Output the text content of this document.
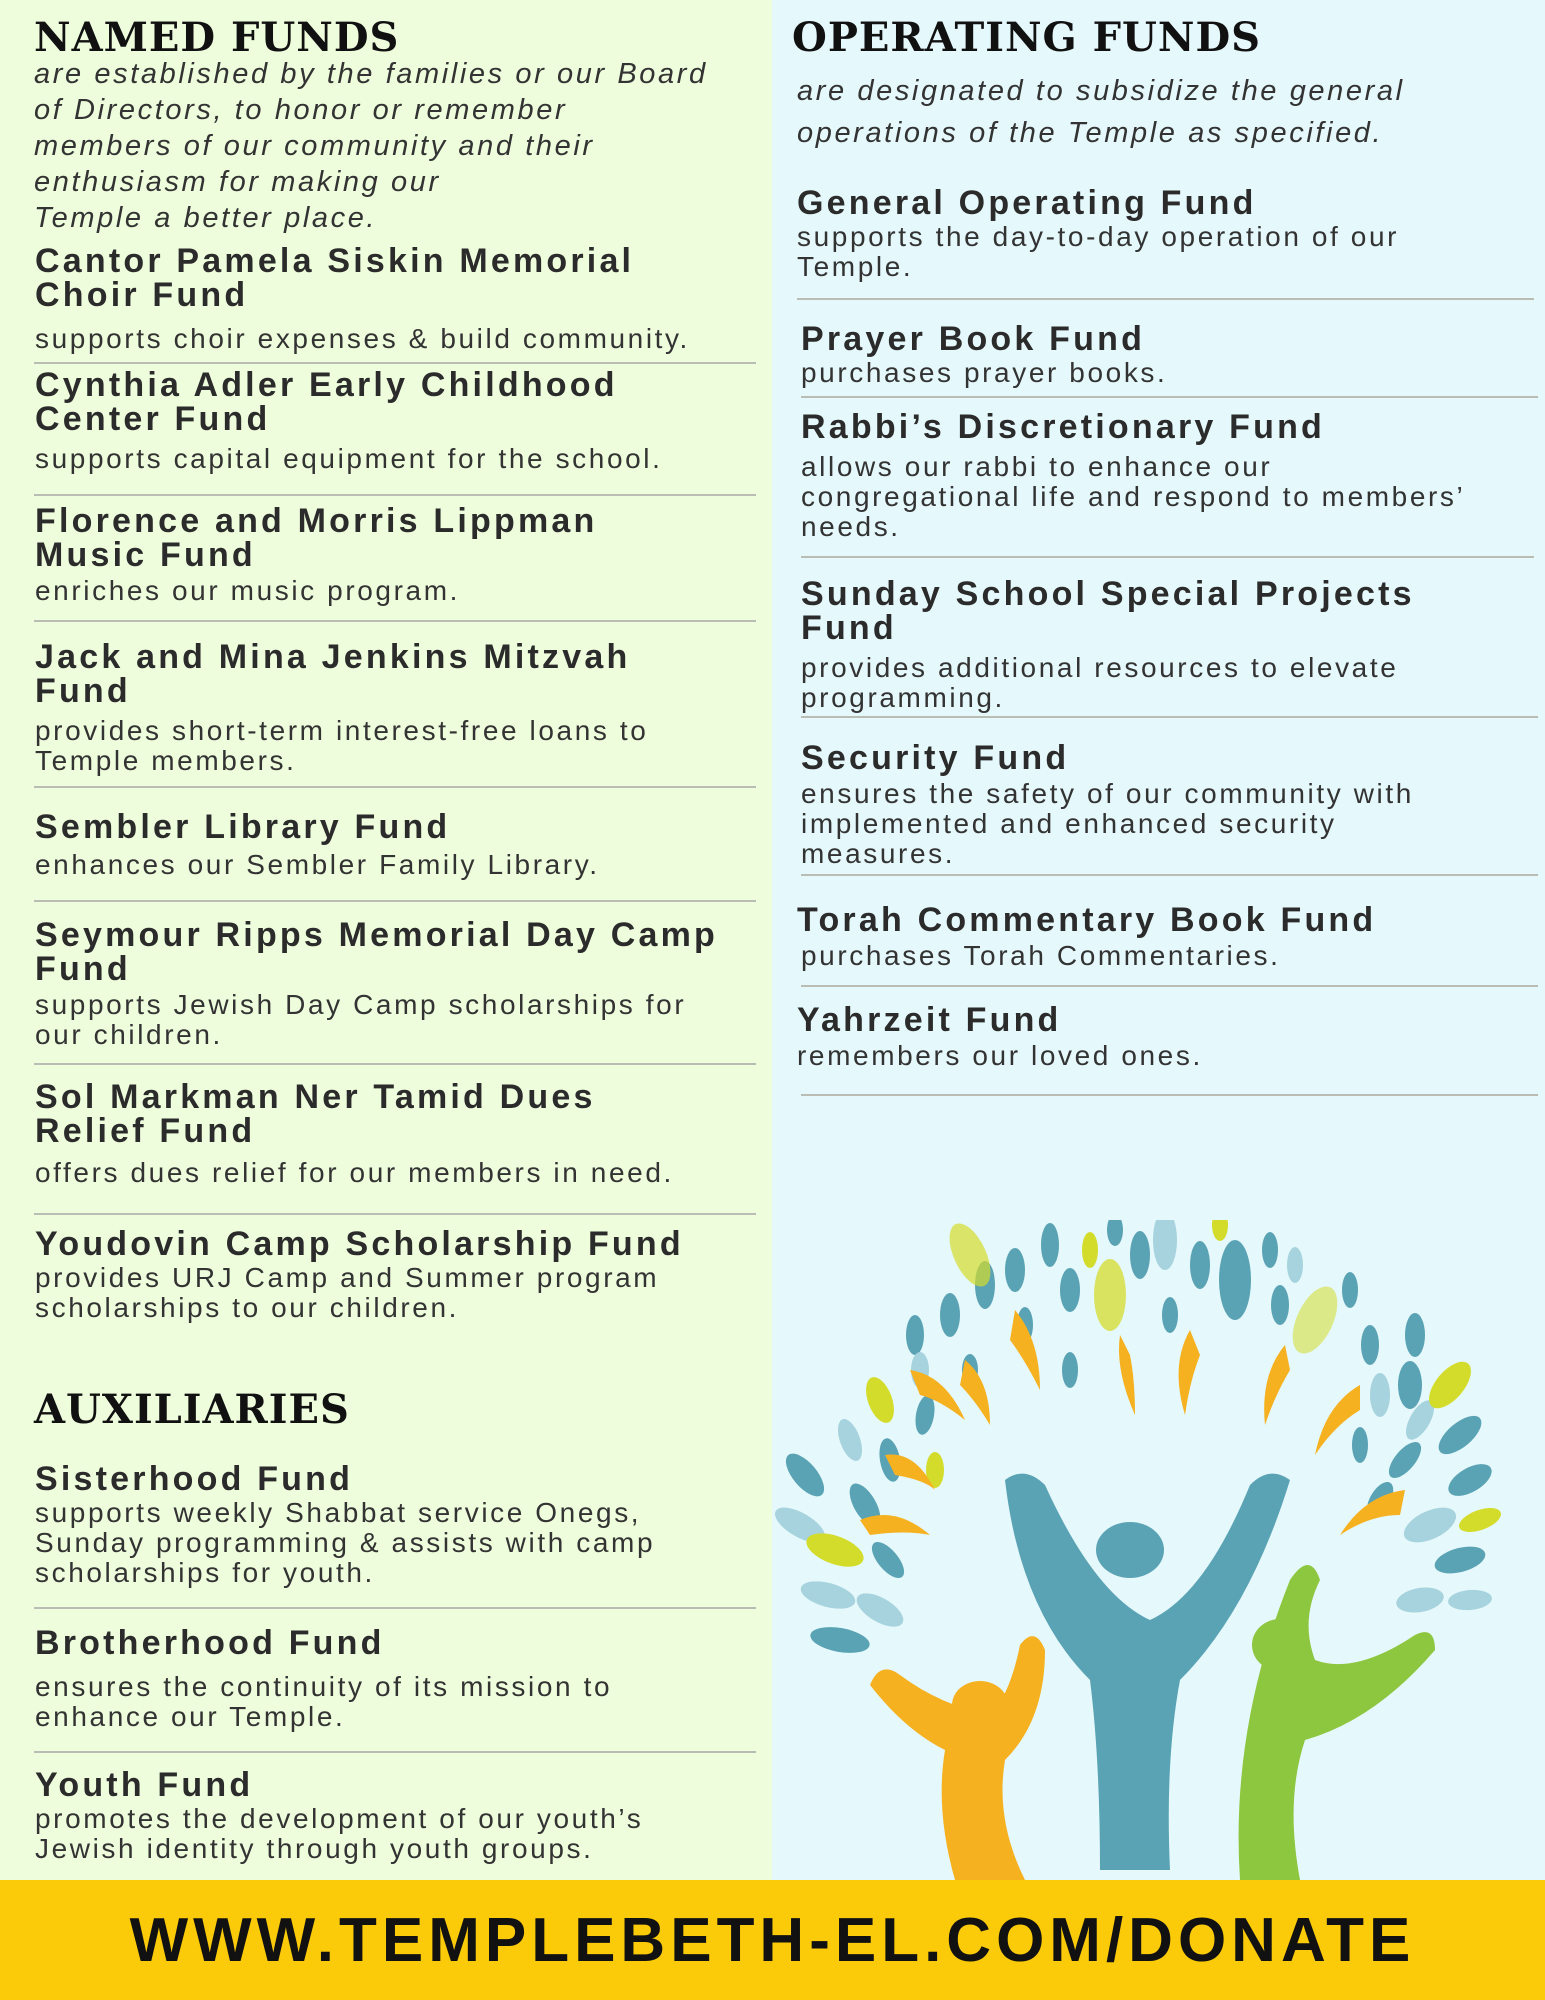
NAMED FUNDS
are established by the families or our Board
of Directors, to honor or remember
members of our community and their
enthusiasm for making our
Temple a better place.
Cantor Pamela Siskin Memorial
Choir Fund
supports choir expenses & build community.
Cynthia Adler Early Childhood
Center Fund
supports capital equipment for the school.
Florence and Morris Lippman
Music Fund
enriches our music program.
Jack and Mina Jenkins Mitzvah
Fund
provides short-term interest-free loans to
Temple members.
Sembler Library Fund
enhances our Sembler Family Library.
Seymour Ripps Memorial Day Camp
Fund
supports Jewish Day Camp scholarships for
our children.
Sol Markman Ner Tamid Dues
Relief Fund
offers dues relief for our members in need.
Youdovin Camp Scholarship Fund
provides URJ Camp and Summer program
scholarships to our children.
AUXILIARIES
Sisterhood Fund
supports weekly Shabbat service Onegs,
Sunday programming & assists with camp
scholarships for youth.
Brotherhood Fund
ensures the continuity of its mission to
enhance our Temple.
Youth Fund
promotes the development of our youth’s
Jewish identity through youth groups.
OPERATING FUNDS
are designated to subsidize the general
operations of the Temple as specified.
General Operating Fund
supports the day-to-day operation of our
Temple.
Prayer Book Fund
purchases prayer books.
Rabbi’s Discretionary Fund
allows our rabbi to enhance our
congregational life and respond to members’
needs.
Sunday School Special Projects
Fund
provides additional resources to elevate
programming.
Security Fund
ensures the safety of our community with
implemented and enhanced security
measures.
Torah Commentary Book Fund
purchases Torah Commentaries.
Yahrzeit Fund
remembers our loved ones.
WWW.TEMPLEBETH-EL.COM/DONATE
